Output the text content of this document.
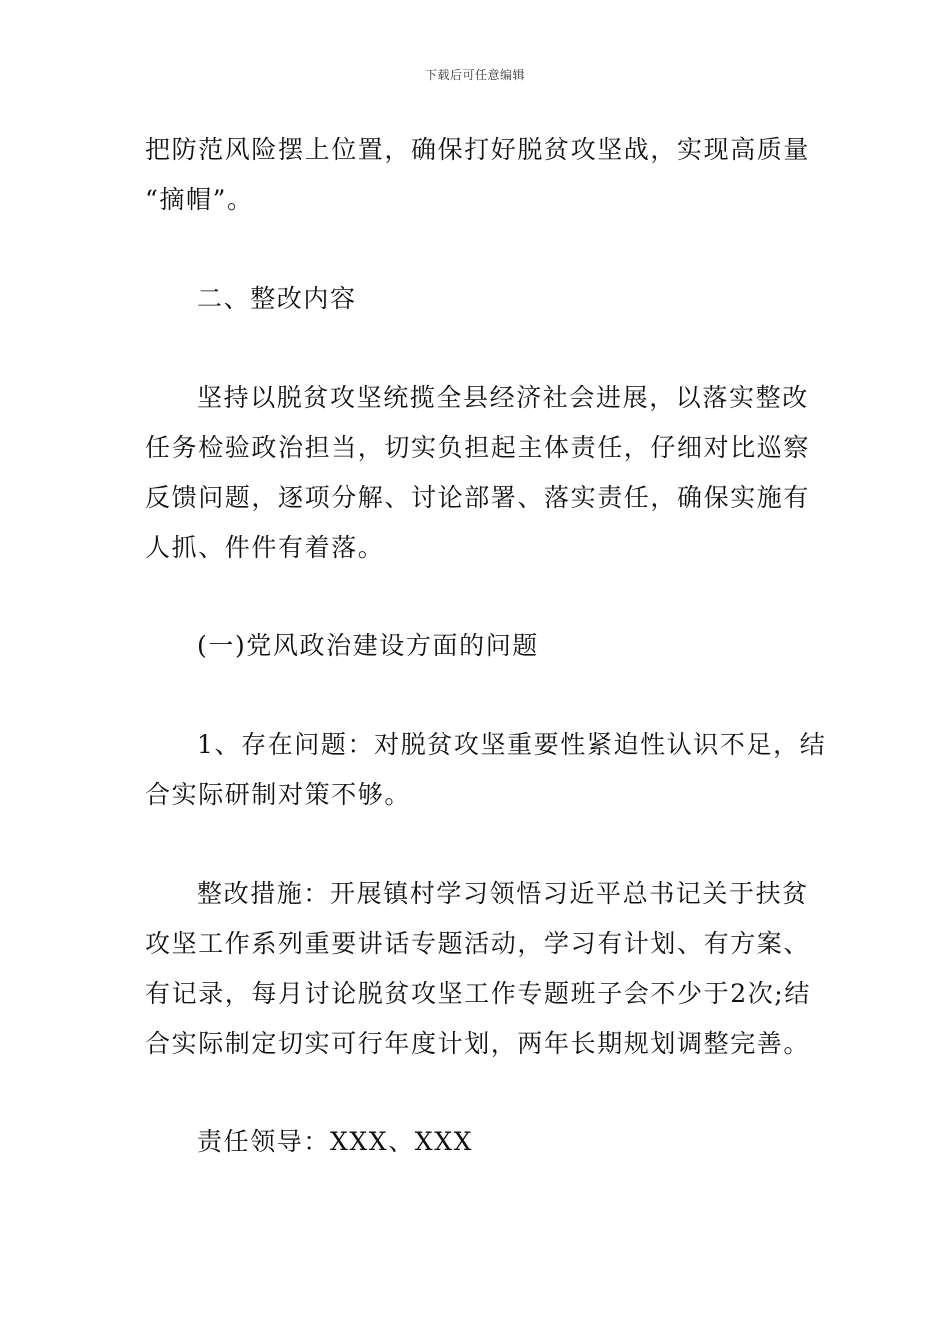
下载后可任意编辑
把防范风险摆上位置，确保打好脱贫攻坚战，实现高质量
“摘帽”。
二、整改内容
坚持以脱贫攻坚统揽全县经济社会进展，以落实整改
任务检验政治担当，切实负担起主体责任，仔细对比巡察
反馈问题，逐项分解、讨论部署、落实责任，确保实施有
人抓、件件有着落。
(一)党风政治建设方面的问题
1、存在问题：对脱贫攻坚重要性紧迫性认识不足，结
合实际研制对策不够。
整改措施：开展镇村学习领悟习近平总书记关于扶贫
攻坚工作系列重要讲话专题活动，学习有计划、有方案、
有记录，每月讨论脱贫攻坚工作专题班子会不少于2次;结
合实际制定切实可行年度计划，两年长期规划调整完善。
责任领导：XXX、XXX
